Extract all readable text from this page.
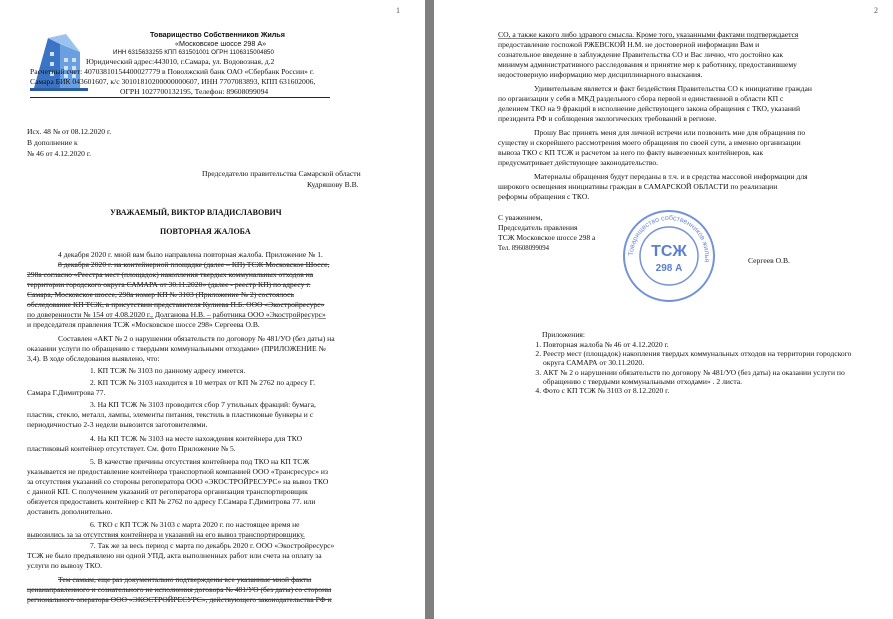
1
Товарищество Собственников Жилья
«Московское шоссе 298 А»
ИНН 6315633255 КПП 631501001 ОГРН 1106315004850
Юридический адрес:443010, г.Самара, ул. Водовозная, д.2
Расчетный счет: 40703810154400027779 в Поволжский банк ОАО «Сбербанк России» г.
Самара БИК 043601607, к/с 30101810200000000607, ИНН 7707083893, КПП 631602006,
ОГРН 1027700132195, Телефон: 89608099094
Исх. 48 № от 08.12.2020 г.
В дополнение к
№ 46 от 4.12.2020 г.
Председателю правительства Самарской области
Кудряшову В.В.
УВАЖАЕМЫЙ, ВИКТОР ВЛАДИСЛАВОВИЧ
ПОВТОРНАЯ ЖАЛОБА
4 декабря 2020 г. мной вам было направлена повторная жалоба. Приложение № 1.
8 декабря 2020 г. на контейнерной площадке (далее – КП) ТСЖ Московское Шоссе,
298а согласно «Реестра мест (площадок) накопления твердых коммунальных отходов на
территории городского округа САМАРА от 30.11.2020» (далее - реестр КП) по адресу г.
Самара, Московское шоссе, 298а номер КП № 3103 (Приложение № 2) состоялось
обследование КП ТСЖ, в присутствии представителя Кулиева П.Б. ООО «Экостройресурс»
по доверенности № 154 от 4.08.2020 г., Долганова Н.В. – работника ООО «Экостройресурс»
и председателя правления ТСЖ «Московское шоссе 298» Сергеева О.В.
Составлен «АКТ № 2 о нарушении обязательств по договору № 481/УО (без даты) на
оказании услуги по обращению с твердыми коммунальными отходами» (ПРИЛОЖЕНИЕ №
3,4). В ходе обследования выявлено, что:
1. КП ТСЖ № 3103 по данному адресу имеется.
2. КП ТСЖ № 3103 находится в 10 метрах от КП № 2762 по адресу Г.
Самара Г.Димитрова 77.
3. На КП ТСЖ № 3103 проводится сбор 7 утильных фракций: бумага,
пластик, стекло, металл, лампы, элементы питания, текстиль в пластиковые бункеры и с
периодичностью 2-3 недели вывозится заготовителями.
4. На КП ТСЖ № 3103 на месте нахождения контейнера для ТКО
пластиковый контейнер отсутствует. См. фото Приложение № 5.
5. В качестве причины отсутствия контейнера под ТКО на КП ТСЖ
указывается не предоставление контейнера транспортной компанией ООО «Трансресурс» из
за отсутствия указаний со стороны регоператора ООО «ЭКОСТРОЙРЕСУРС» на вывоз ТКО
с данной КП. С получением указаний от регоператора организация транспортировщик
обязуется предоставить контейнер с КП № 2762 по адресу Г.Самара Г.Димитрова 77. или
доставить дополнительно.
6. ТКО с КП ТСЖ № 3103 с марта 2020 г. по настоящее время не
вывозились за за отсутствия контейнера и указаний на его вывоз транспортировщику.
7. Так же за весь период с марта по декабрь 2020 г. ООО «Экостройресурс»
ТСЖ не было предъявлено ни одной УПД, акта выполненных работ или счета на оплату за
услуги по вывозу ТКО.
Тем самым, еще раз документально подтверждены все указанные мной факты
ценанаправленного и сознательного не исполнения договора № 481/УО (без даты) со стороны
регионального оператора ООО «ЭКОСТРОЙРЕСУРС», действующего законодательства РФ и
2
СО, а также какого либо здравого смысла. Кроме того, указанными фактами подтверждается
предоставление госпожой РЖЕВСКОЙ Н.М. не достоверной информации Вам и
сознательное введение в заблуждение Правительства СО и Вас лично, что достойно как
минимум административного расследования и принятие мер к работнику, предоставившему
недостоверную информацию мер дисциплинарного взыскания.
Удивительным является и факт бездействия Правительства СО к инициативе граждан
по организации у себя в МКД раздельного сбора первой и единственной в области КП с
делением ТКО на 9 фракций в исполнение действующего закона обращения с ТКО, указаний
президента РФ и соблюдения экологических требований в регионе.
Прошу Вас принять меня для личной встречи или позвонить мне для обращения по
существу и скорейшего рассмотрения моего обращения по своей сути, а именно организации
вывоза ТКО с КП ТСЖ и расчетом за него по факту вывезенных контейнеров, как
предусматривает действующее законодательство.
Материалы обращения будут переданы в т.ч. и в средства массовой информации для
широкого освещения инициативы граждан в САМАРСКОЙ ОБЛАСТИ по реализации
реформы обращения с ТКО.
С уважением,
Председатель правления
ТСЖ Московское шоссе 298 а
Тел. 89608099094
Сергеев О.В.
Приложения:
1. Повторная жалоба № 46 от 4.12.2020 г.
2. Реестр мест (площадок) накопления твердых коммунальных отходов на территории городского округа САМАРА от 30.11.2020.
3. АКТ № 2 о нарушении обязательств по договору № 481/УО (без даты) на оказании услуги по обращению с твердыми коммунальными отходами» . 2 листа.
4. Фото с КП ТСЖ № 3103 от 8.12.2020 г.
Товарищество собственников жилья
ТСЖ
298 А
